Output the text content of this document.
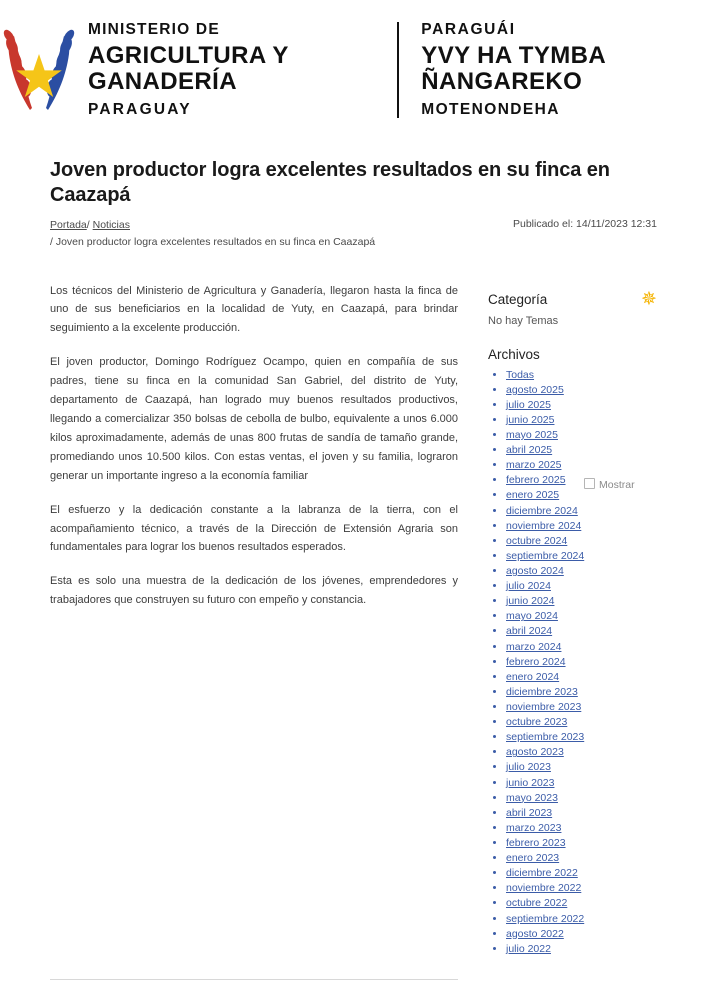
MINISTERIO DE
AGRICULTURA Y GANADERÍA
PARAGUAY
PARAGUÁI
YVY HA TYMBA ÑANGAREKO
MOTENONDEHA
Joven productor logra excelentes resultados en su finca en Caazapá
Portada/ Noticias
/ Joven productor logra excelentes resultados en su finca en Caazapá
Publicado el: 14/11/2023 12:31

Los técnicos del Ministerio de Agricultura y Ganadería, llegaron hasta la finca de uno de sus beneficiarios en la localidad de Yuty, en Caazapá, para brindar seguimiento a la excelente producción.

El joven productor, Domingo Rodríguez Ocampo, quien en compañía de sus padres, tiene su finca en la comunidad San Gabriel, del distrito de Yuty, departamento de Caazapá, han logrado muy buenos resultados productivos, llegando a comercializar 350 bolsas de cebolla de bulbo, equivalente a unos 6.000 kilos aproximadamente, además de unas 800 frutas de sandía de tamaño grande, promediando unos 10.500 kilos. Con estas ventas, el joven y su familia, lograron generar un importante ingreso a la economía familiar

El esfuerzo y la dedicación constante a la labranza de la tierra, con el acompañamiento técnico, a través de la Dirección de Extensión Agraria son fundamentales para lograr los buenos resultados esperados.

Esta es solo una muestra de la dedicación de los jóvenes, emprendedores y trabajadores que construyen su futuro con empeño y constancia.

✵
Categoría
No hay Temas
Archivos
• Todas
• agosto 2025
• julio 2025
• junio 2025
• mayo 2025
• abril 2025
• marzo 2025
• febrero 2025
• enero 2025
• diciembre 2024
• noviembre 2024
• octubre 2024
• septiembre 2024
• agosto 2024
• julio 2024
• junio 2024
• mayo 2024
• abril 2024
• marzo 2024
• febrero 2024
• enero 2024
• diciembre 2023
• noviembre 2023
• octubre 2023
• septiembre 2023
• agosto 2023
• julio 2023
• junio 2023
• mayo 2023
• abril 2023
• marzo 2023
• febrero 2023
• enero 2023
• diciembre 2022
• noviembre 2022
• octubre 2022
• septiembre 2022
• agosto 2022
• julio 2022
Mostrar
